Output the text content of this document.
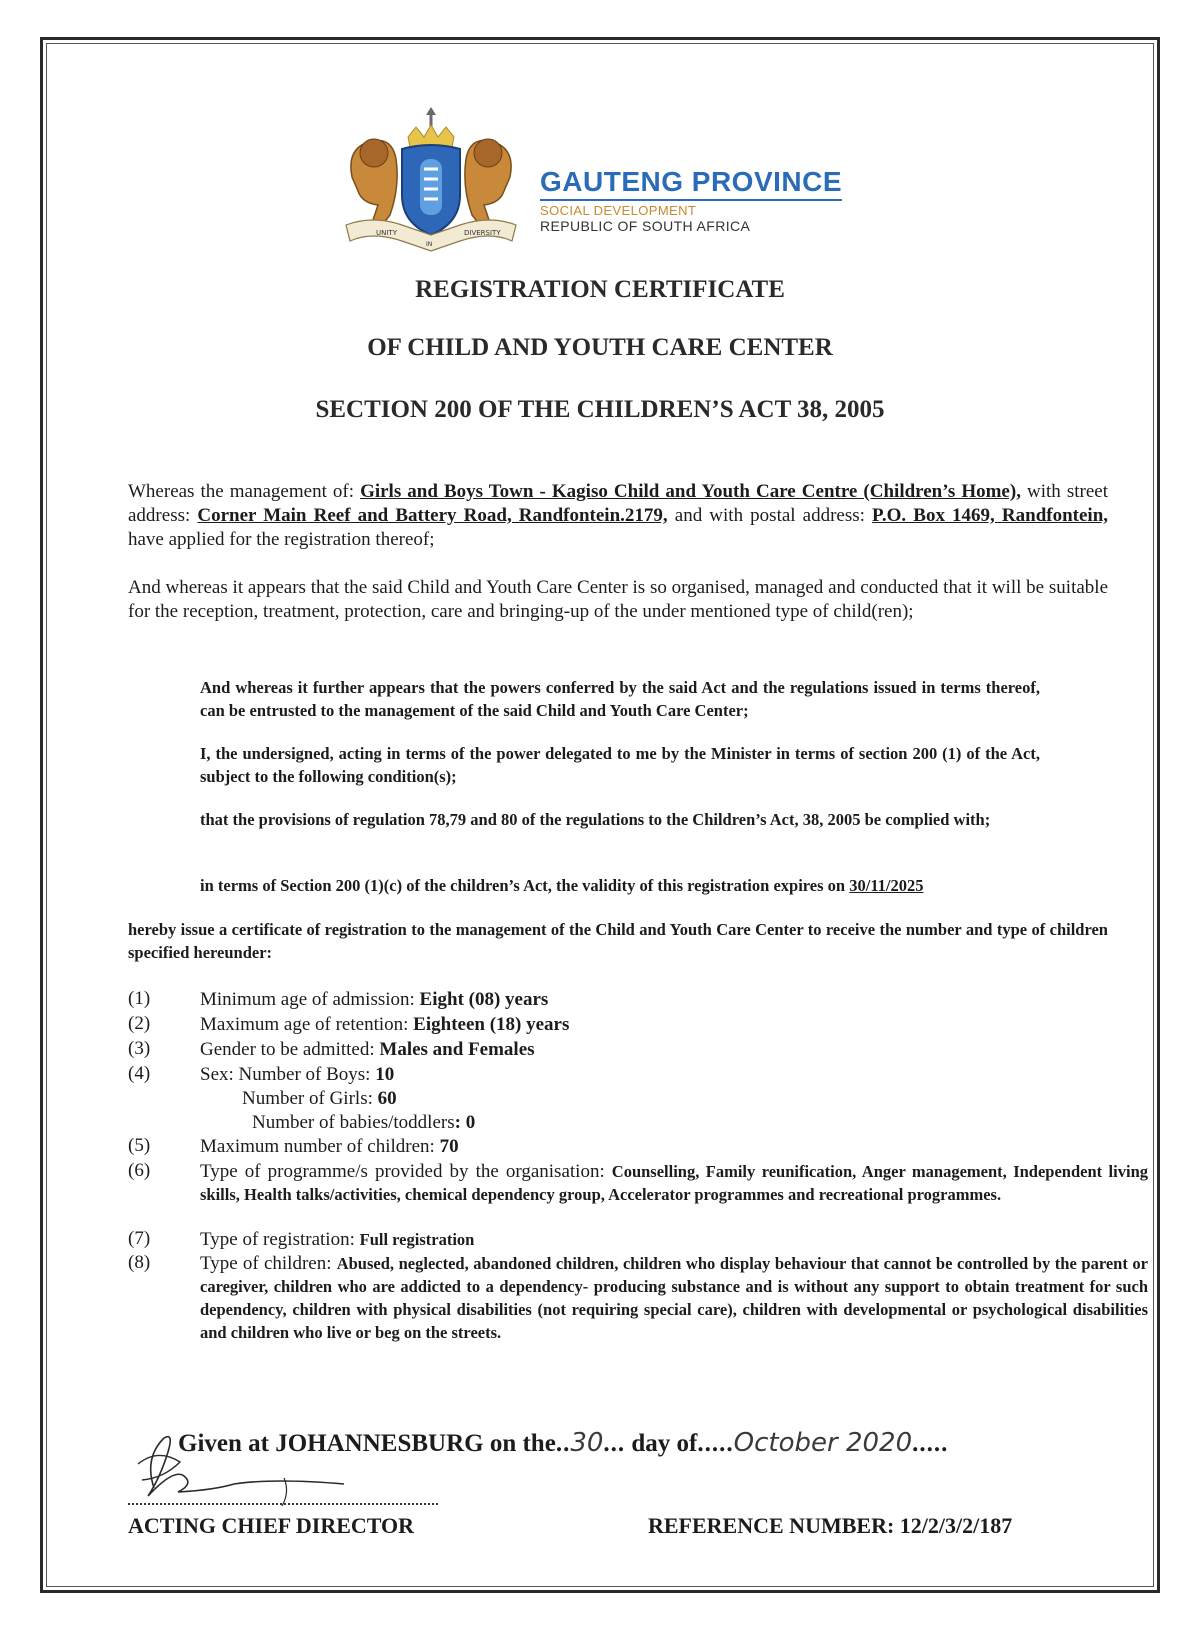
UNITY
IN
DIVERSITY
GAUTENG PROVINCE
SOCIAL DEVELOPMENT
REPUBLIC OF SOUTH AFRICA
REGISTRATION CERTIFICATE
OF CHILD AND YOUTH CARE CENTER
SECTION 200 OF THE CHILDREN’S ACT 38, 2005
Whereas the management of: Girls and Boys Town - Kagiso Child and Youth Care Centre (Children’s Home), with street address: Corner Main Reef and Battery Road, Randfontein.2179, and with postal address: P.O. Box 1469, Randfontein, have applied for the registration thereof;
And whereas it appears that the said Child and Youth Care Center is so organised, managed and conducted that it will be suitable for the reception, treatment, protection, care and bringing-up of the under mentioned type of child(ren);
And whereas it further appears that the powers conferred by the said Act and the regulations issued in terms thereof, can be entrusted to the management of the said Child and Youth Care Center;
I, the undersigned, acting in terms of the power delegated to me by the Minister in terms of section 200 (1) of the Act, subject to the following condition(s);
that the provisions of regulation 78,79 and 80 of the regulations to the Children’s Act, 38, 2005 be complied with;
in terms of Section 200 (1)(c) of the children’s Act, the validity of this registration expires on 30/11/2025
hereby issue a certificate of registration to the management of the Child and Youth Care Center to receive the number and type of children specified hereunder:
(1)	Minimum age of admission: Eight (08) years
(2)	Maximum age of retention: Eighteen (18) years
(3)	Gender to be admitted: Males and Females
(4)	Sex: Number of Boys: 10
Number of Girls: 60
Number of babies/toddlers: 0
(5)	Maximum number of children: 70
(6)	Type of programme/s provided by the organisation: Counselling, Family reunification, Anger management, Independent living skills, Health talks/activities, chemical dependency group, Accelerator programmes and recreational programmes.
(7)	Type of registration: Full registration
(8)	Type of children: Abused, neglected, abandoned children, children who display behaviour that cannot be controlled by the parent or caregiver, children who are addicted to a dependency- producing substance and is without any support to obtain treatment for such dependency, children with physical disabilities (not requiring special care), children with developmental or psychological disabilities and children who live or beg on the streets.
Given at JOHANNESBURG on the..30... day of.....October 2020.....
ACTING CHIEF DIRECTOR	REFERENCE NUMBER: 12/2/3/2/187
